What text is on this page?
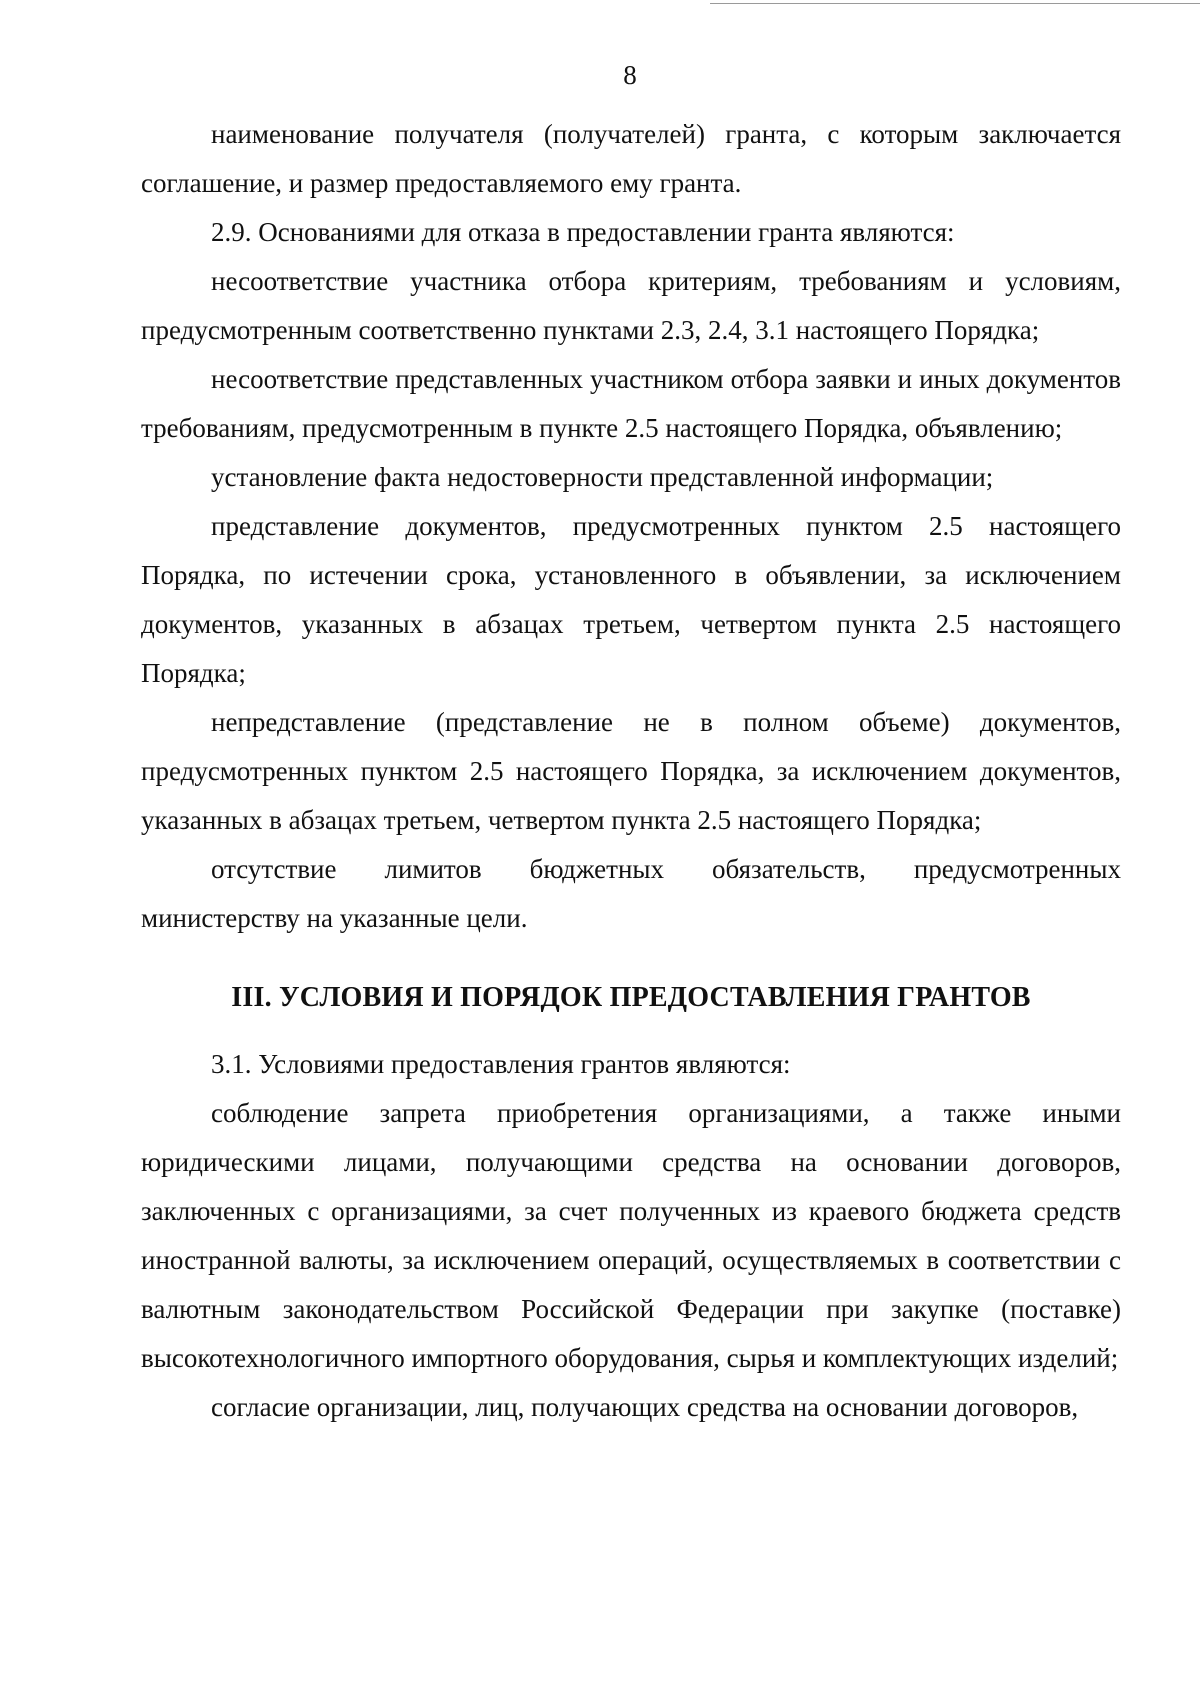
8

наименование получателя (получателей) гранта, с которым заключается соглашение, и размер предоставляемого ему гранта.

2.9. Основаниями для отказа в предоставлении гранта являются:

несоответствие участника отбора критериям, требованиям и условиям, предусмотренным соответственно пунктами 2.3, 2.4, 3.1 настоящего Порядка;

несоответствие представленных участником отбора заявки и иных документов требованиям, предусмотренным в пункте 2.5 настоящего Порядка, объявлению;

установление факта недостоверности представленной информации;

представление документов, предусмотренных пунктом 2.5 настоящего Порядка, по истечении срока, установленного в объявлении, за исключением документов, указанных в абзацах третьем, четвертом пункта 2.5 настоящего Порядка;

непредставление (представление не в полном объеме) документов, предусмотренных пунктом 2.5 настоящего Порядка, за исключением документов, указанных в абзацах третьем, четвертом пункта 2.5 настоящего Порядка;

отсутствие лимитов бюджетных обязательств, предусмотренных министерству на указанные цели.

III. УСЛОВИЯ И ПОРЯДОК ПРЕДОСТАВЛЕНИЯ ГРАНТОВ

3.1. Условиями предоставления грантов являются:

соблюдение запрета приобретения организациями, а также иными юридическими лицами, получающими средства на основании договоров, заключенных с организациями, за счет полученных из краевого бюджета средств иностранной валюты, за исключением операций, осуществляемых в соответствии с валютным законодательством Российской Федерации при закупке (поставке) высокотехнологичного импортного оборудования, сырья и комплектующих изделий;

согласие организации, лиц, получающих средства на основании договоров,
